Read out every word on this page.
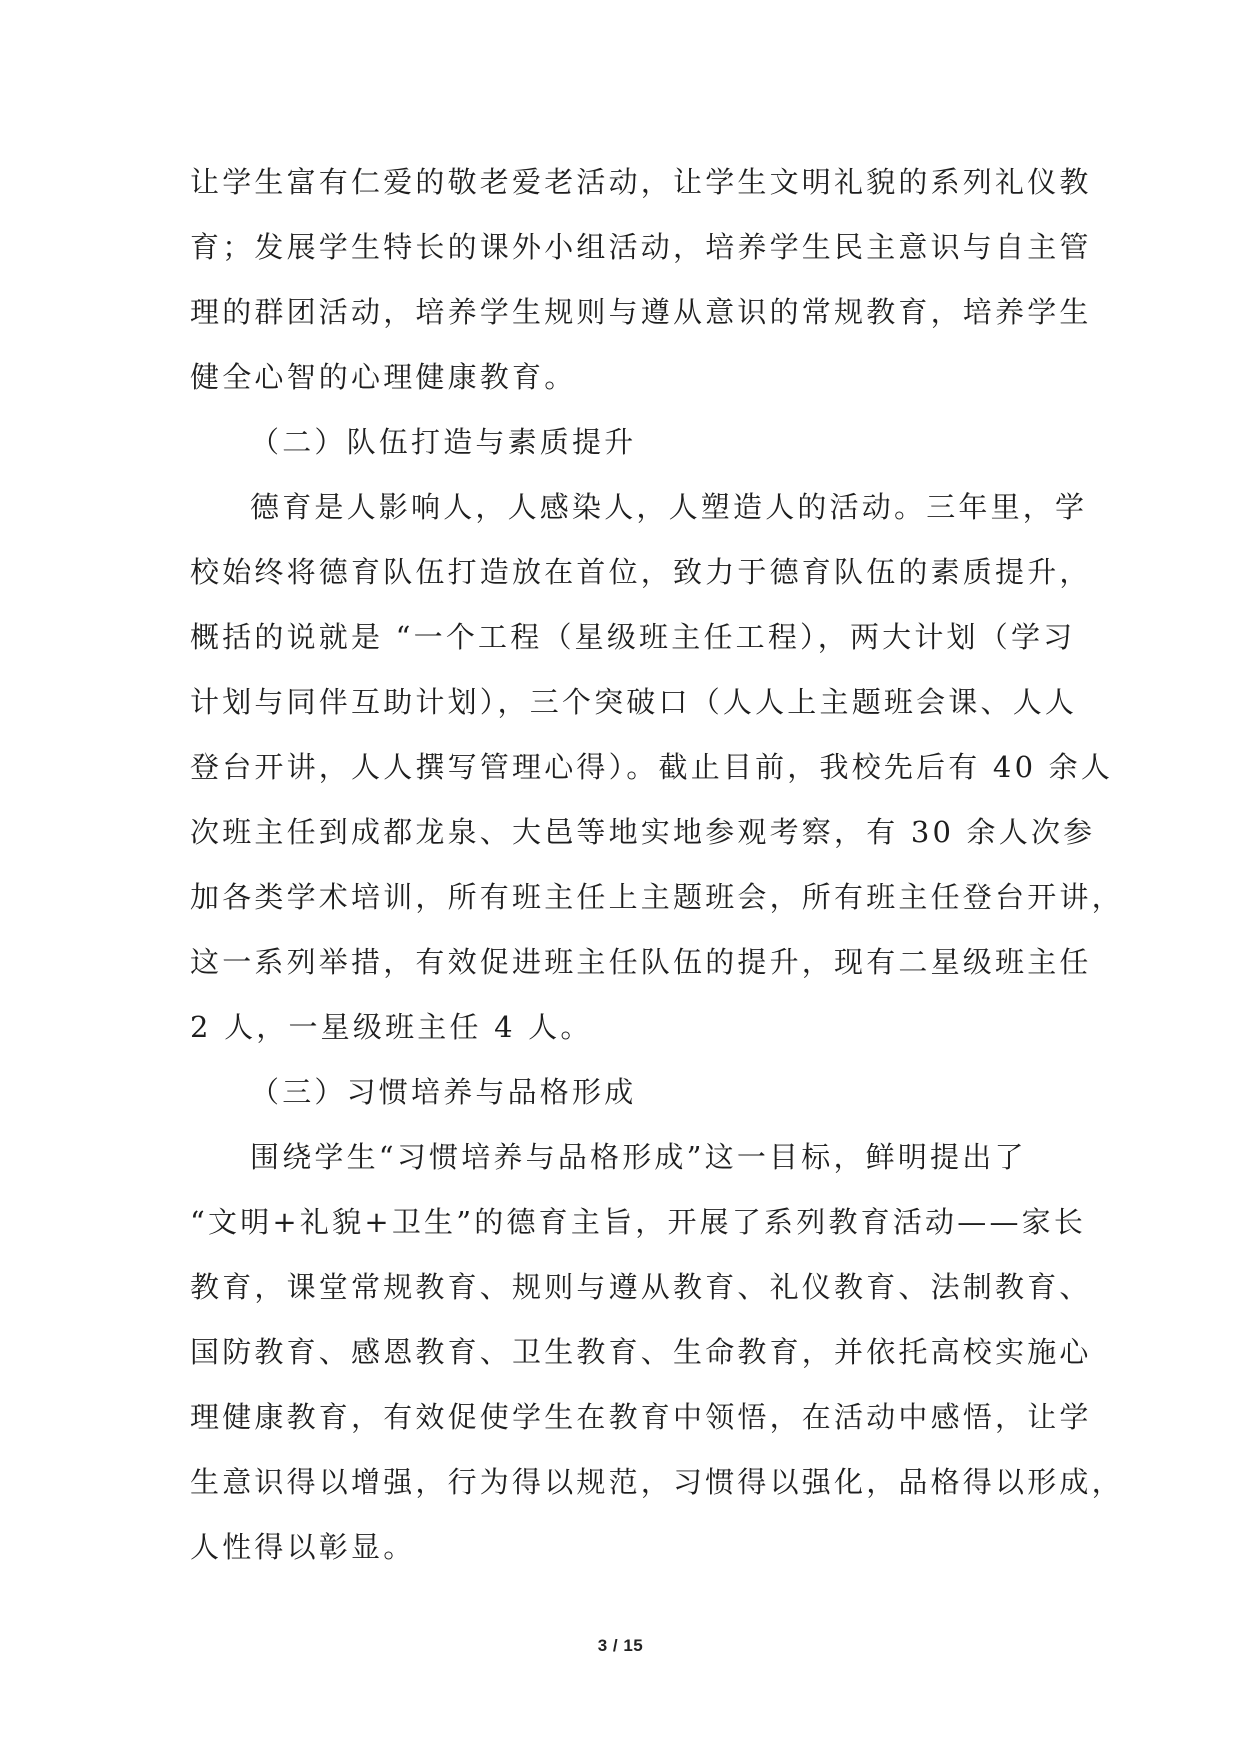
让学生富有仁爱的敬老爱老活动，让学生文明礼貌的系列礼仪教
育；发展学生特长的课外小组活动，培养学生民主意识与自主管
理的群团活动，培养学生规则与遵从意识的常规教育，培养学生
健全心智的心理健康教育。
（二）队伍打造与素质提升
德育是人影响人，人感染人，人塑造人的活动。三年里，学
校始终将德育队伍打造放在首位，致力于德育队伍的素质提升，
概括的说就是 “一个工程（星级班主任工程），两大计划（学习
计划与同伴互助计划），三个突破口（人人上主题班会课、人人
登台开讲，人人撰写管理心得）。截止目前，我校先后有 40 余人
次班主任到成都龙泉、大邑等地实地参观考察，有 30 余人次参
加各类学术培训，所有班主任上主题班会，所有班主任登台开讲，
这一系列举措，有效促进班主任队伍的提升，现有二星级班主任
2 人，一星级班主任 4 人。
（三）习惯培养与品格形成
围绕学生“习惯培养与品格形成”这一目标，鲜明提出了
“文明+礼貌+卫生”的德育主旨，开展了系列教育活动——家长
教育，课堂常规教育、规则与遵从教育、礼仪教育、法制教育、
国防教育、感恩教育、卫生教育、生命教育，并依托高校实施心
理健康教育，有效促使学生在教育中领悟，在活动中感悟，让学
生意识得以增强，行为得以规范，习惯得以强化，品格得以形成，
人性得以彰显。
3 / 15
